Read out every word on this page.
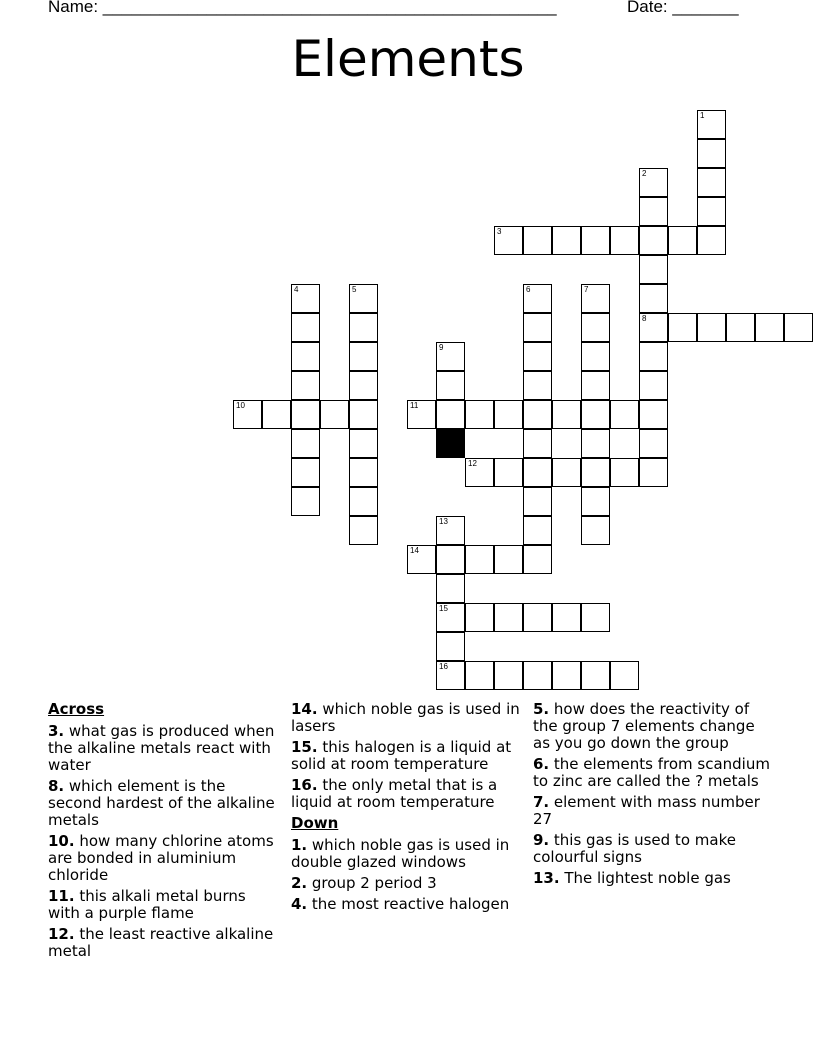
Name: ________________________________________________	Date: _______
Elements
1
2
8
3
4	5	6	7
9
10	11
12
13
15
16
14
Across
3. what gas is produced when the alkaline metals react with water
8. which element is the second hardest of the alkaline metals
10. how many chlorine atoms are bonded in aluminium chloride
11. this alkali metal burns with a purple flame
12. the least reactive alkaline metal
14. which noble gas is used in lasers
15. this halogen is a liquid at solid at room temperature
16. the only metal that is a liquid at room temperature
Down
1. which noble gas is used in double glazed windows
2. group 2 period 3
4. the most reactive halogen
5. how does the reactivity of the group 7 elements change as you go down the group
6. the elements from scandium to zinc are called the ? metals
7. element with mass number 27
9. this gas is used to make colourful signs
13. The lightest noble gas
